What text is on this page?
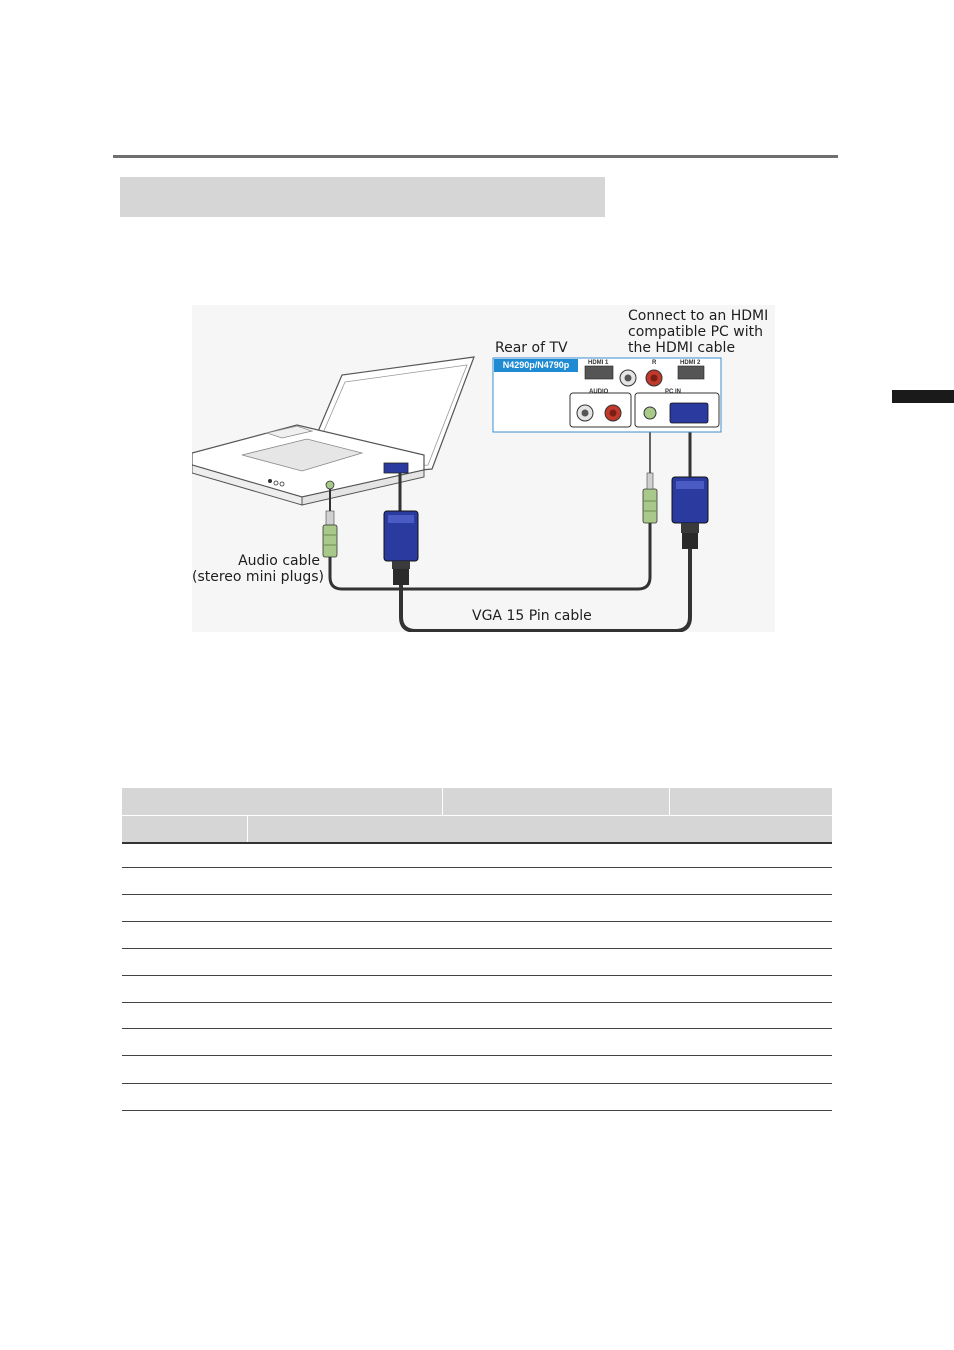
Connect to an HDMI
compatible PC with
the HDMI cable
Rear of TV
N4290p/N4790p	HDMI 1	R	HDMI 2
AUDIO	PC IN
Audio cable
(stereo mini plugs)
VGA 15 Pin cable
